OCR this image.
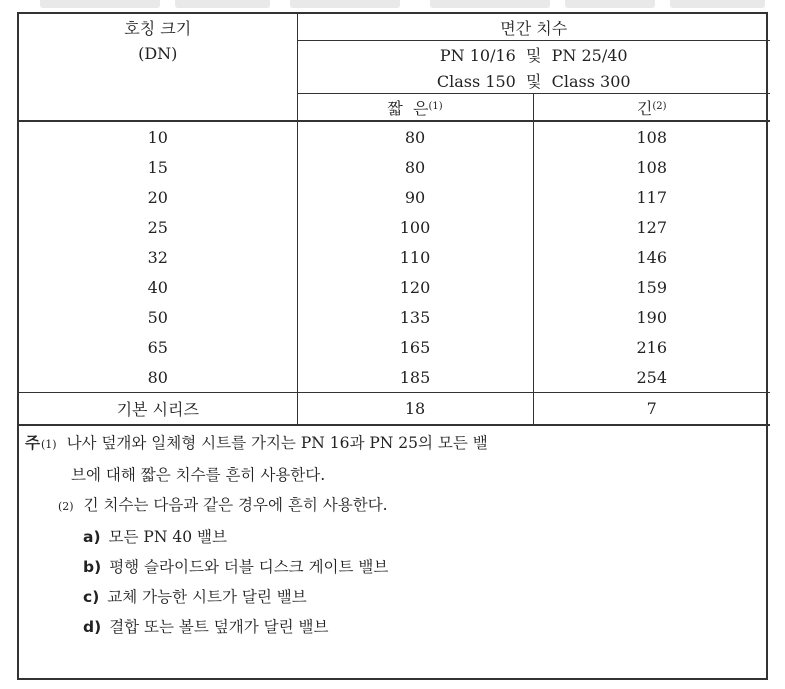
호칭 크기	면간 치수	
(DN)	PN 10/16  및  PN 25/40	
	Class 150  및  Class 300	
	짧  은$^{(1)}$	긴$^{(2)}$
10	80	108
15	80	108
20	90	117
25	100	127
32	110	146
40	120	159
50	135	190
65	165	216
80	185	254
기본 시리즈	18	7
주 (1) 나사 덮개와 일체형 시트를 가지는 PN 16과 PN 25의 모든 밸
브에 대해 짧은 치수를 흔히 사용한다.
(2) 긴 치수는 다음과 같은 경우에 흔히 사용한다.
a) 모든 PN 40 밸브
b) 평행 슬라이드와 더블 디스크 게이트 밸브
c) 교체 가능한 시트가 달린 밸브
d) 결합 또는 볼트 덮개가 달린 밸브
